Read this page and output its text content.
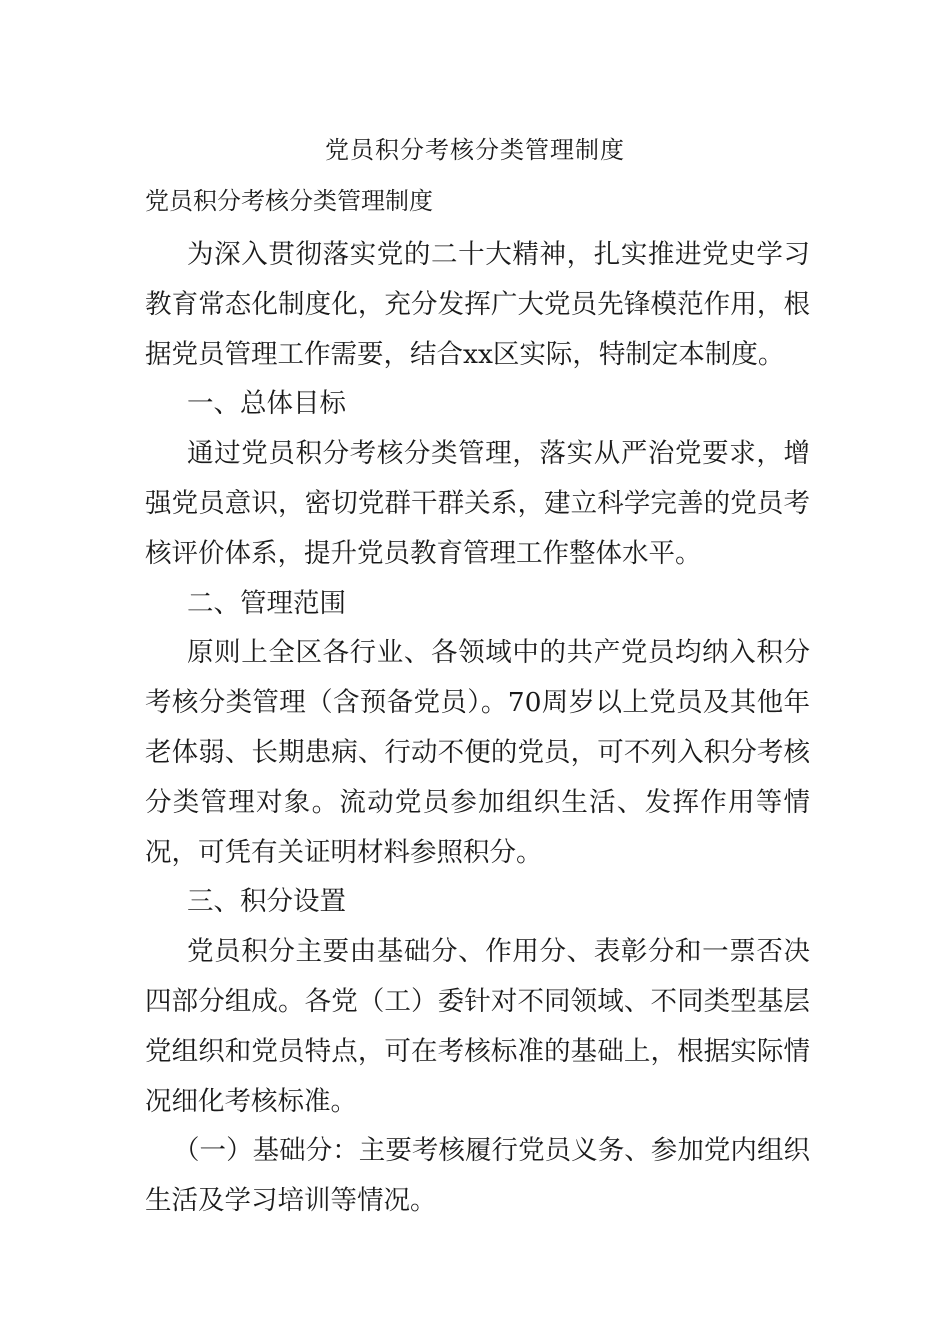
党员积分考核分类管理制度

党员积分考核分类管理制度

为深入贯彻落实党的二十大精神，扎实推进党史学习教育常态化制度化，充分发挥广大党员先锋模范作用，根据党员管理工作需要，结合xx区实际，特制定本制度。

一、总体目标

通过党员积分考核分类管理，落实从严治党要求，增强党员意识，密切党群干群关系，建立科学完善的党员考核评价体系，提升党员教育管理工作整体水平。

二、管理范围

原则上全区各行业、各领域中的共产党员均纳入积分考核分类管理（含预备党员）。70周岁以上党员及其他年老体弱、长期患病、行动不便的党员，可不列入积分考核分类管理对象。流动党员参加组织生活、发挥作用等情况，可凭有关证明材料参照积分。

三、积分设置

党员积分主要由基础分、作用分、表彰分和一票否决四部分组成。各党（工）委针对不同领域、不同类型基层党组织和党员特点，可在考核标准的基础上，根据实际情况细化考核标准。

（一）基础分：主要考核履行党员义务、参加党内组织生活及学习培训等情况。
